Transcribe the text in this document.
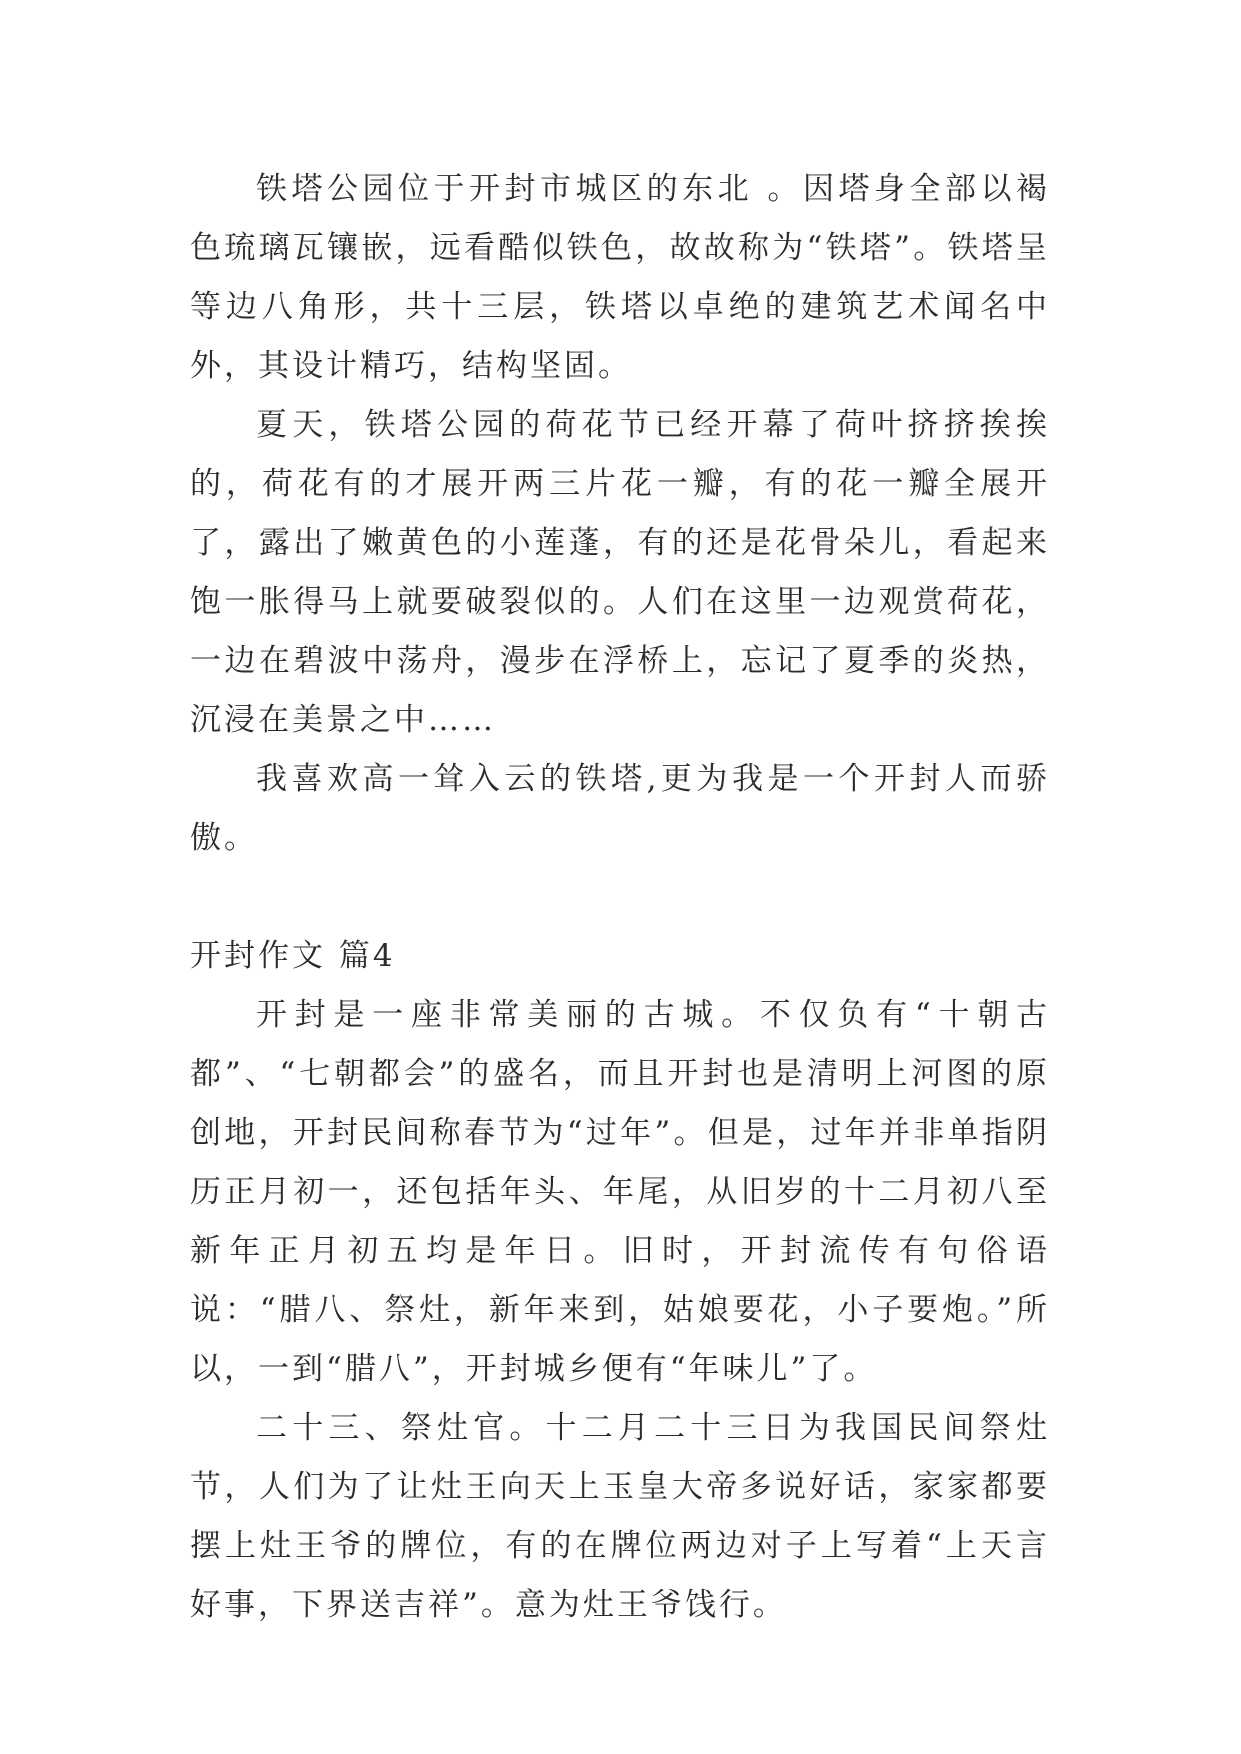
铁塔公园位于开封市城区的东北 。因塔身全部以褐色琉璃瓦镶嵌，远看酷似铁色，故故称为“铁塔”。铁塔呈等边八角形，共十三层，铁塔以卓绝的建筑艺术闻名中外，其设计精巧，结构坚固。

夏天，铁塔公园的荷花节已经开幕了荷叶挤挤挨挨的，荷花有的才展开两三片花一瓣，有的花一瓣全展开了，露出了嫩黄色的小莲蓬，有的还是花骨朵儿，看起来饱一胀得马上就要破裂似的。人们在这里一边观赏荷花，一边在碧波中荡舟，漫步在浮桥上，忘记了夏季的炎热，沉浸在美景之中……

我喜欢高一耸入云的铁塔,更为我是一个开封人而骄傲。

开封作文 篇4

开封是一座非常美丽的古城。不仅负有“十朝古都”、“七朝都会”的盛名，而且开封也是清明上河图的原创地，开封民间称春节为“过年”。但是，过年并非单指阴历正月初一，还包括年头、年尾，从旧岁的十二月初八至新年正月初五均是年日。旧时，开封流传有句俗语说：“腊八、祭灶，新年来到，姑娘要花，小子要炮。”所以，一到“腊八”，开封城乡便有“年味儿”了。

二十三、祭灶官。十二月二十三日为我国民间祭灶节，人们为了让灶王向天上玉皇大帝多说好话，家家都要摆上灶王爷的牌位，有的在牌位两边对子上写着“上天言好事，下界送吉祥”。意为灶王爷饯行。
